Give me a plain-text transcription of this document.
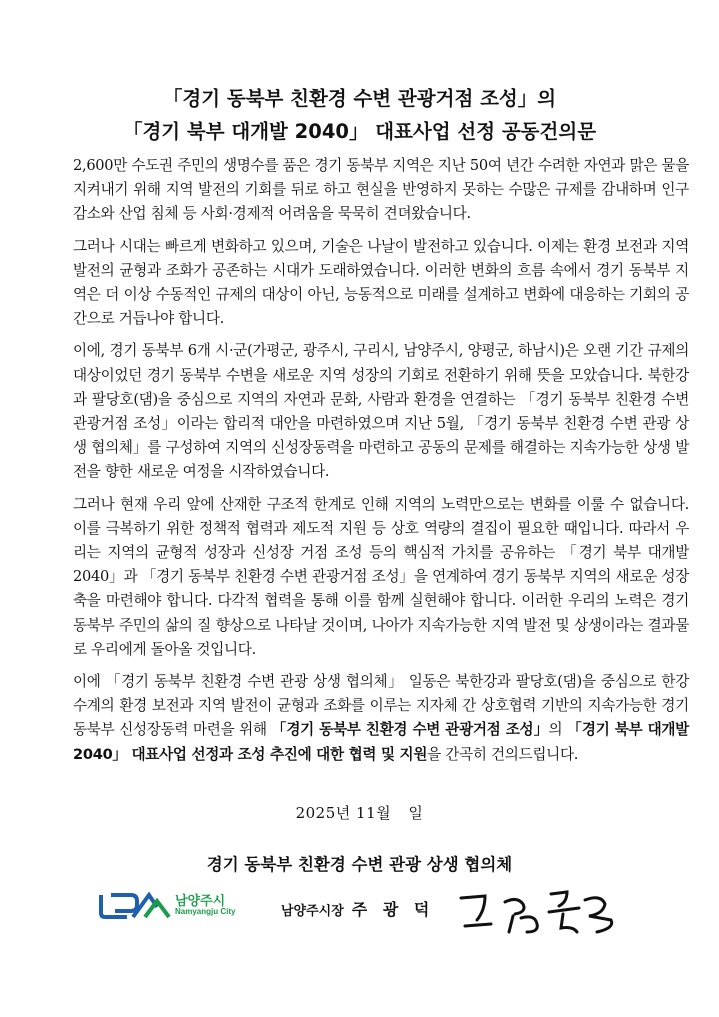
「경기 동북부 친환경 수변 관광거점 조성」의
「경기 북부 대개발 2040」 대표사업 선정 공동건의문

2,600만 수도권 주민의 생명수를 품은 경기 동북부 지역은 지난 50여 년간 수려한 자연과 맑은 물을 지켜내기 위해 지역 발전의 기회를 뒤로 하고 현실을 반영하지 못하는 수많은 규제를 감내하며 인구 감소와 산업 침체 등 사회·경제적 어려움을 묵묵히 견뎌왔습니다.

그러나 시대는 빠르게 변화하고 있으며, 기술은 나날이 발전하고 있습니다. 이제는 환경 보전과 지역 발전의 균형과 조화가 공존하는 시대가 도래하였습니다. 이러한 변화의 흐름 속에서 경기 동북부 지역은 더 이상 수동적인 규제의 대상이 아닌, 능동적으로 미래를 설계하고 변화에 대응하는 기회의 공간으로 거듭나야 합니다.

이에, 경기 동북부 6개 시·군(가평군, 광주시, 구리시, 남양주시, 양평군, 하남시)은 오랜 기간 규제의 대상이었던 경기 동북부 수변을 새로운 지역 성장의 기회로 전환하기 위해 뜻을 모았습니다. 북한강과 팔당호(댐)을 중심으로 지역의 자연과 문화, 사람과 환경을 연결하는 「경기 동북부 친환경 수변 관광거점 조성」이라는 합리적 대안을 마련하였으며 지난 5월, 「경기 동북부 친환경 수변 관광 상생 협의체」를 구성하여 지역의 신성장동력을 마련하고 공동의 문제를 해결하는 지속가능한 상생 발전을 향한 새로운 여정을 시작하였습니다.

그러나 현재 우리 앞에 산재한 구조적 한계로 인해 지역의 노력만으로는 변화를 이룰 수 없습니다. 이를 극복하기 위한 정책적 협력과 제도적 지원 등 상호 역량의 결집이 필요한 때입니다. 따라서 우리는 지역의 균형적 성장과 신성장 거점 조성 등의 핵심적 가치를 공유하는 「경기 북부 대개발 2040」과 「경기 동북부 친환경 수변 관광거점 조성」을 연계하여 경기 동북부 지역의 새로운 성장축을 마련해야 합니다. 다각적 협력을 통해 이를 함께 실현해야 합니다. 이러한 우리의 노력은 경기 동북부 주민의 삶의 질 향상으로 나타날 것이며, 나아가 지속가능한 지역 발전 및 상생이라는 결과물로 우리에게 돌아올 것입니다.

이에 「경기 동북부 친환경 수변 관광 상생 협의체」 일동은 북한강과 팔당호(댐)을 중심으로 한강 수계의 환경 보전과 지역 발전이 균형과 조화를 이루는 지자체 간 상호협력 기반의 지속가능한 경기 동북부 신성장동력 마련을 위해 「경기 동북부 친환경 수변 관광거점 조성」의 「경기 북부 대개발 2040」 대표사업 선정과 조성 추진에 대한 협력 및 지원을 간곡히 건의드립니다.

2025년 11월 일
경기 동북부 친환경 수변 관광 상생 협의체
남양주시
Namyangju City	남양주시장 주 광 덕
